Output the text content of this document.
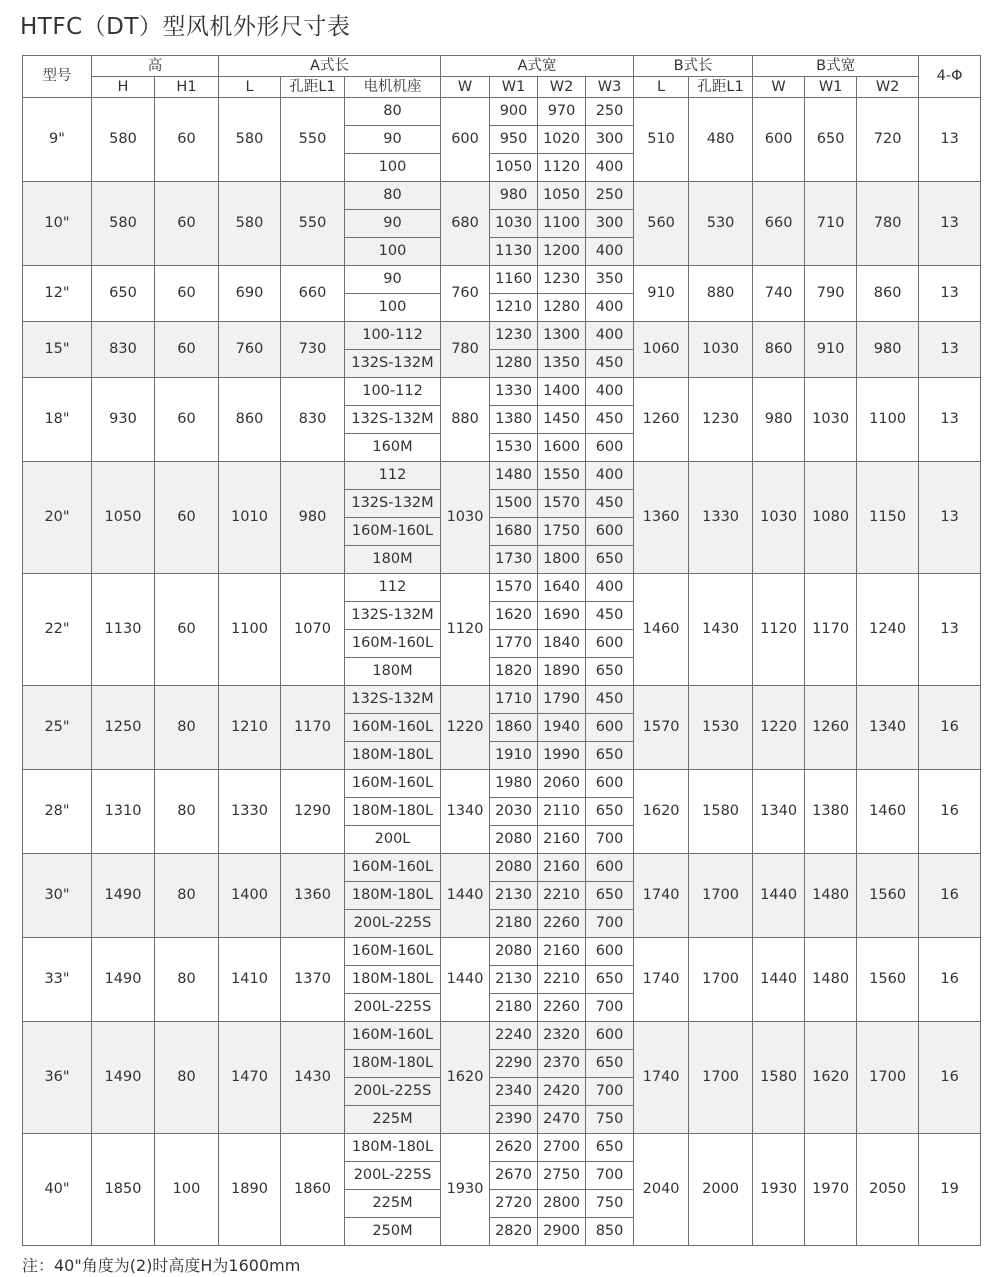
HTFC（DT）型风机外形尺寸表
型号	高		A式长			A式宽				B式长		B式宽			4-Φ
	H	H1	L	孔距L1	电机机座	W	W1	W2	W3	L	孔距L1	W	W1	W2	
9"	580	60	580	550	80	600	900	970	250	510	480	600	650	720	13
					90		950	1020	300						
					100		1050	1120	400						
10"	580	60	580	550	80	680	980	1050	250	560	530	660	710	780	13
					90		1030	1100	300						
					100		1130	1200	400						
12"	650	60	690	660	90	760	1160	1230	350	910	880	740	790	860	13
					100		1210	1280	400						
15"	830	60	760	730	100-112	780	1230	1300	400	1060	1030	860	910	980	13
					132S-132M		1280	1350	450						
18"	930	60	860	830	100-112	880	1330	1400	400	1260	1230	980	1030	1100	13
					132S-132M		1380	1450	450						
					160M		1530	1600	600						
20"	1050	60	1010	980	112	1030	1480	1550	400	1360	1330	1030	1080	1150	13
					132S-132M		1500	1570	450						
					160M-160L		1680	1750	600						
					180M		1730	1800	650						
22"	1130	60	1100	1070	112	1120	1570	1640	400	1460	1430	1120	1170	1240	13
					132S-132M		1620	1690	450						
					160M-160L		1770	1840	600						
					180M		1820	1890	650						
25"	1250	80	1210	1170	132S-132M	1220	1710	1790	450	1570	1530	1220	1260	1340	16
					160M-160L		1860	1940	600						
					180M-180L		1910	1990	650						
28"	1310	80	1330	1290	160M-160L	1340	1980	2060	600	1620	1580	1340	1380	1460	16
					180M-180L		2030	2110	650						
					200L		2080	2160	700						
30"	1490	80	1400	1360	160M-160L	1440	2080	2160	600	1740	1700	1440	1480	1560	16
					180M-180L		2130	2210	650						
					200L-225S		2180	2260	700						
33"	1490	80	1410	1370	160M-160L	1440	2080	2160	600	1740	1700	1440	1480	1560	16
					180M-180L		2130	2210	650						
					200L-225S		2180	2260	700						
36"	1490	80	1470	1430	160M-160L	1620	2240	2320	600	1740	1700	1580	1620	1700	16
					180M-180L		2290	2370	650						
					200L-225S		2340	2420	700						
					225M		2390	2470	750						
40"	1850	100	1890	1860	180M-180L	1930	2620	2700	650	2040	2000	1930	1970	2050	19
					200L-225S		2670	2750	700						
					225M		2720	2800	750						
					250M		2820	2900	850						
注：40"角度为(2)时高度H为1600mm
